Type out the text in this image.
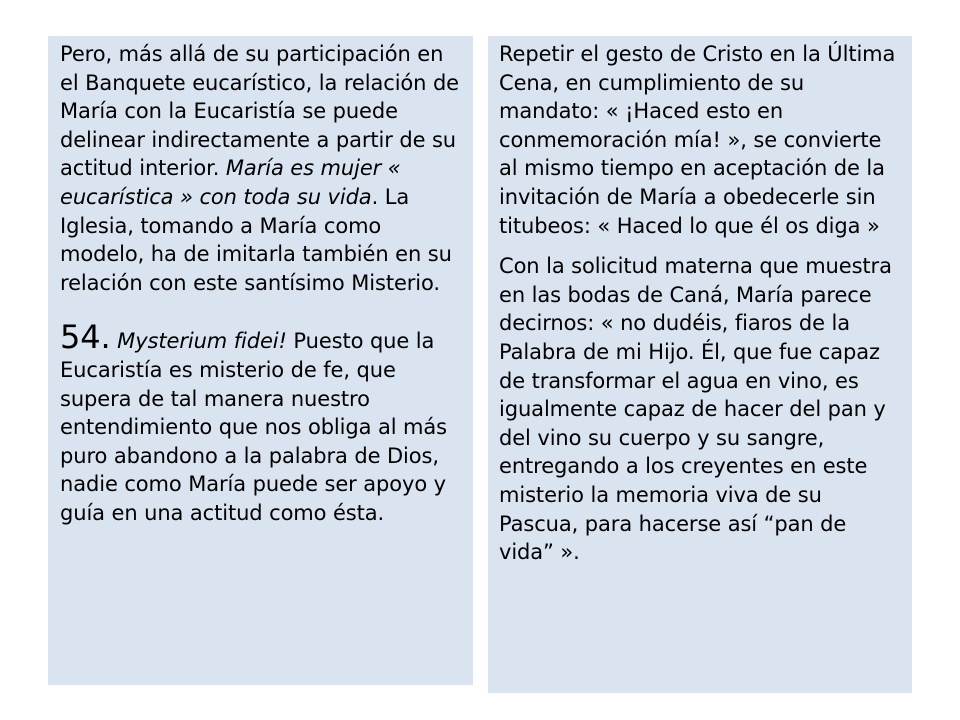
Pero, más allá de su participación en el Banquete eucarístico, la relación de María con la Eucaristía se puede delinear indirectamente a partir de su actitud interior. María es mujer « eucarística » con toda su vida. La Iglesia, tomando a María como modelo, ha de imitarla también en su relación con este santísimo Misterio.

54. Mysterium fidei! Puesto que la Eucaristía es misterio de fe, que supera de tal manera nuestro entendimiento que nos obliga al más puro abandono a la palabra de Dios, nadie como María puede ser apoyo y guía en una actitud como ésta.

Repetir el gesto de Cristo en la Última Cena, en cumplimiento de su mandato: « ¡Haced esto en conmemoración mía! », se convierte al mismo tiempo en aceptación de la invitación de María a obedecerle sin titubeos: « Haced lo que él os diga »

Con la solicitud materna que muestra en las bodas de Caná, María parece decirnos: « no dudéis, fiaros de la Palabra de mi Hijo. Él, que fue capaz de transformar el agua en vino, es igualmente capaz de hacer del pan y del vino su cuerpo y su sangre, entregando a los creyentes en este misterio la memoria viva de su Pascua, para hacerse así “pan de vida” ».
